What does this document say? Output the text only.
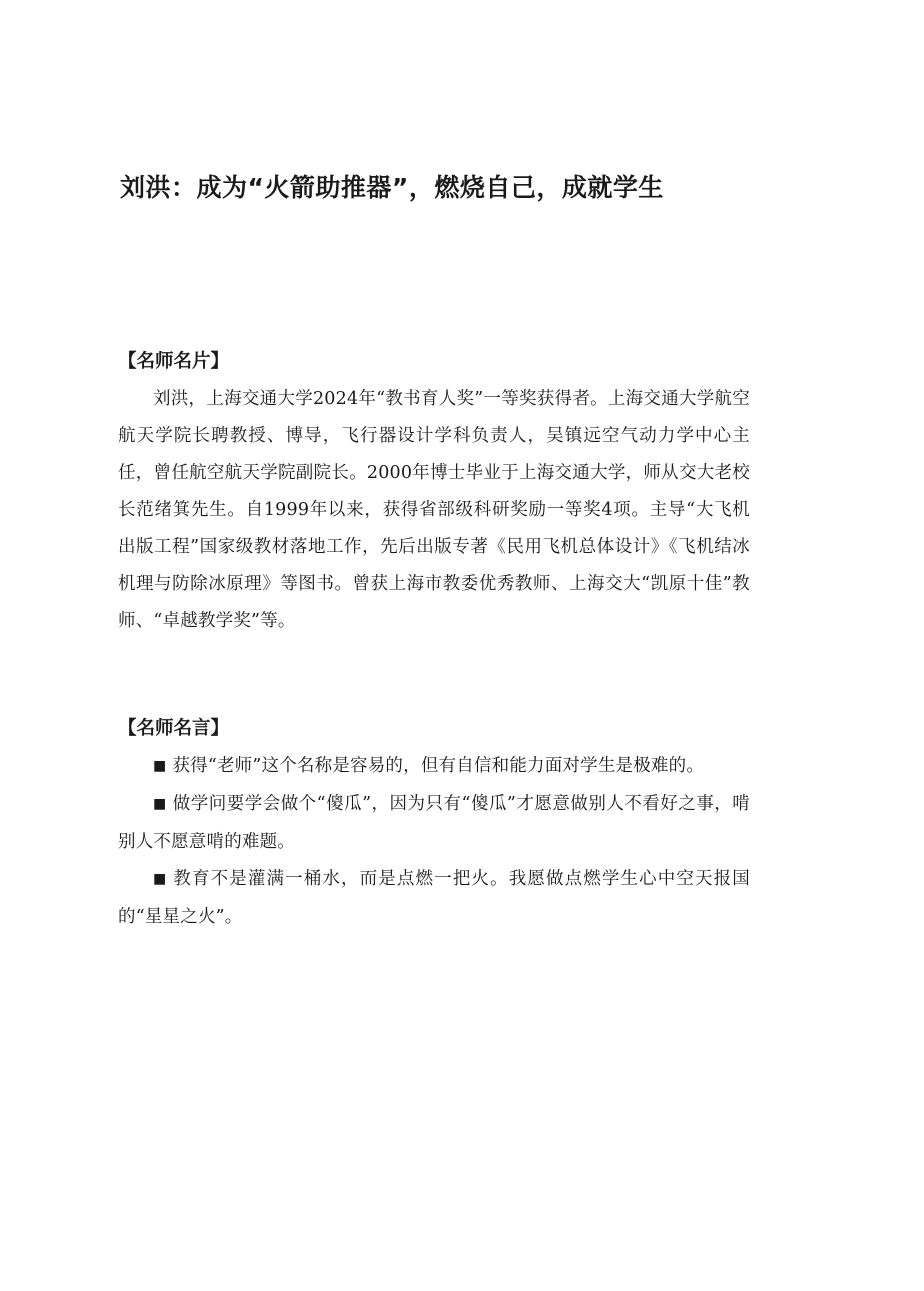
刘洪：成为“火箭助推器”，燃烧自己，成就学生
【名师名片】

刘洪，上海交通大学2024年“教书育人奖”一等奖获得者。上海交通大学航空航天学院长聘教授、博导，飞行器设计学科负责人，吴镇远空气动力学中心主任，曾任航空航天学院副院长。2000年博士毕业于上海交通大学，师从交大老校长范绪箕先生。自1999年以来，获得省部级科研奖励一等奖4项。主导“大飞机出版工程”国家级教材落地工作，先后出版专著《民用飞机总体设计》《飞机结冰机理与防除冰原理》等图书。曾获上海市教委优秀教师、上海交大“凯原十佳”教师、“卓越教学奖”等。

【名师名言】

■ 获得“老师”这个名称是容易的，但有自信和能力面对学生是极难的。

■ 做学问要学会做个“傻瓜”，因为只有“傻瓜”才愿意做别人不看好之事，啃别人不愿意啃的难题。

■ 教育不是灌满一桶水，而是点燃一把火。我愿做点燃学生心中空天报国的“星星之火”。
